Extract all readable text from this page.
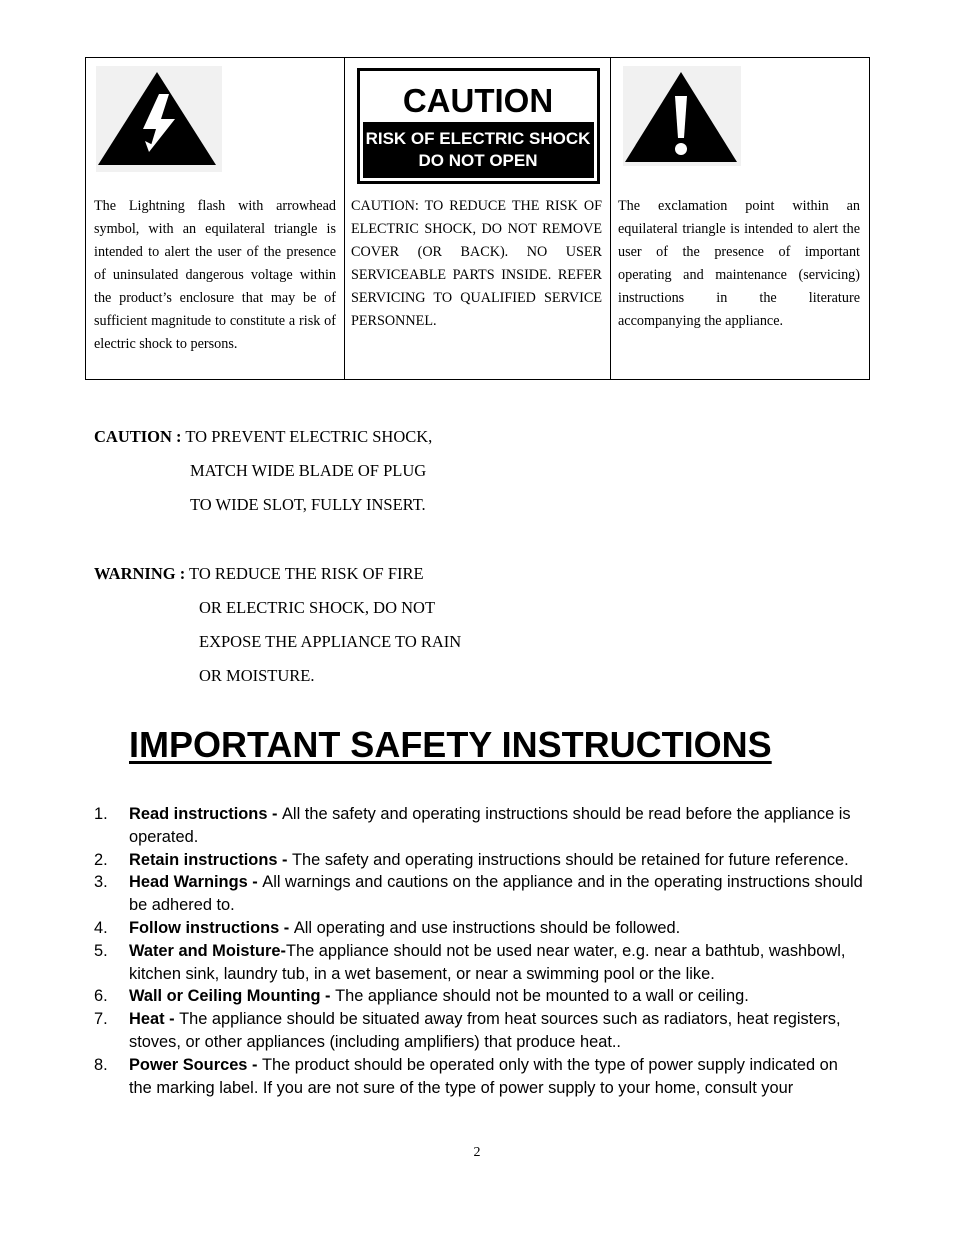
The Lightning flash with arrowhead symbol, with an equilateral triangle is intended to alert the user of the presence of uninsulated dangerous voltage within the product’s enclosure that may be of sufficient magnitude to constitute a risk of electric shock to persons.

CAUTION
RISK OF ELECTRIC SHOCK
DO NOT OPEN
CAUTION: TO REDUCE THE RISK OF ELECTRIC SHOCK, DO NOT REMOVE COVER (OR BACK). NO USER SERVICEABLE PARTS INSIDE. REFER SERVICING TO QUALIFIED SERVICE PERSONNEL.

The exclamation point within an equilateral triangle is intended to alert the user of the presence of important operating and maintenance (servicing) instructions in the literature accompanying the appliance.
CAUTION : TO PREVENT ELECTRIC SHOCK,
MATCH WIDE BLADE OF PLUG
TO WIDE SLOT, FULLY INSERT.
WARNING : TO REDUCE THE RISK OF FIRE
OR ELECTRIC SHOCK, DO NOT
EXPOSE THE APPLIANCE TO RAIN
OR MOISTURE.
IMPORTANT SAFETY INSTRUCTIONS
1. Read instructions - All the safety and operating instructions should be read before the appliance is operated.
2. Retain instructions - The safety and operating instructions should be retained for future reference.
3. Head Warnings - All warnings and cautions on the appliance and in the operating instructions should be adhered to.
4. Follow instructions - All operating and use instructions should be followed.
5. Water and Moisture-The appliance should not be used near water, e.g. near a bathtub, washbowl, kitchen sink, laundry tub, in a wet basement, or near a swimming pool or the like.
6. Wall or Ceiling Mounting - The appliance should not be mounted to a wall or ceiling.
7. Heat - The appliance should be situated away from heat sources such as radiators, heat registers, stoves, or other appliances (including amplifiers) that produce heat..
8. Power Sources - The product should be operated only with the type of power supply indicated on the marking label. If you are not sure of the type of power supply to your home, consult your
2
